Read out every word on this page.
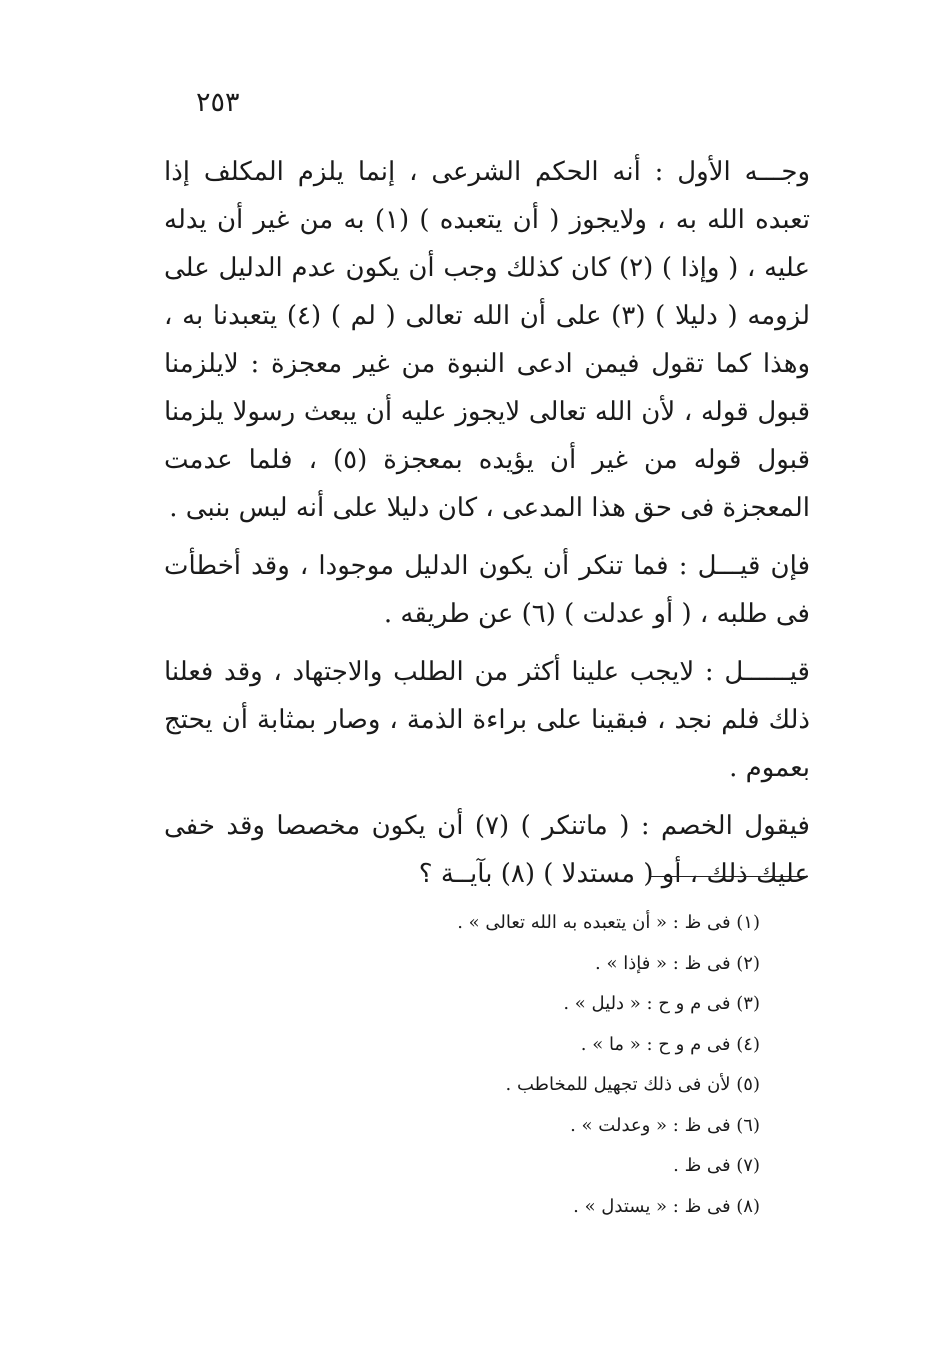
٢٥٣

وجـــه الأول : أنه الحكم الشرعى ، إنما يلزم المكلف إذا تعبده الله به ، ولايجوز ( أن يتعبده ) (١) به من غير أن يدله عليه ، ( وإذا ) (٢) كان كذلك وجب أن يكون عدم الدليل على لزومه ( دليلا ) (٣) على أن الله تعالى ( لم ) (٤) يتعبدنا به ، وهذا كما تقول فيمن ادعى النبوة من غير معجزة : لايلزمنا قبول قوله ، لأن الله تعالى لايجوز عليه أن يبعث رسولا يلزمنا قبول قوله من غير أن يؤيده بمعجزة (٥) ، فلما عدمت المعجزة فى حق هذا المدعى ، كان دليلا على أنه ليس بنبى .

فإن قيـــل : فما تنكر أن يكون الدليل موجودا ، وقد أخطأت فى طلبه ، ( أو عدلت ) (٦) عن طريقه .

قيــــــل : لايجب علينا أكثر من الطلب والاجتهاد ، وقد فعلنا ذلك فلم نجد ، فبقينا على براءة الذمة ، وصار بمثابة أن يحتج بعموم .

فيقول الخصم : ( ماتنكر ) (٧) أن يكون مخصصا وقد خفى عليك ذلك ، أو ( مستدلا ) (٨) بآيــة ؟

(١) فى ظ : « أن يتعبده به الله تعالى » .
(٢) فى ظ : « فإذا » .
(٣) فى م و ح : « دليل » .
(٤) فى م و ح : « ما » .
(٥) لأن فى ذلك تجهيل للمخاطب .
(٦) فى ظ : « وعدلت » .
(٧) فى ظ .
(٨) فى ظ : « يستدل » .
